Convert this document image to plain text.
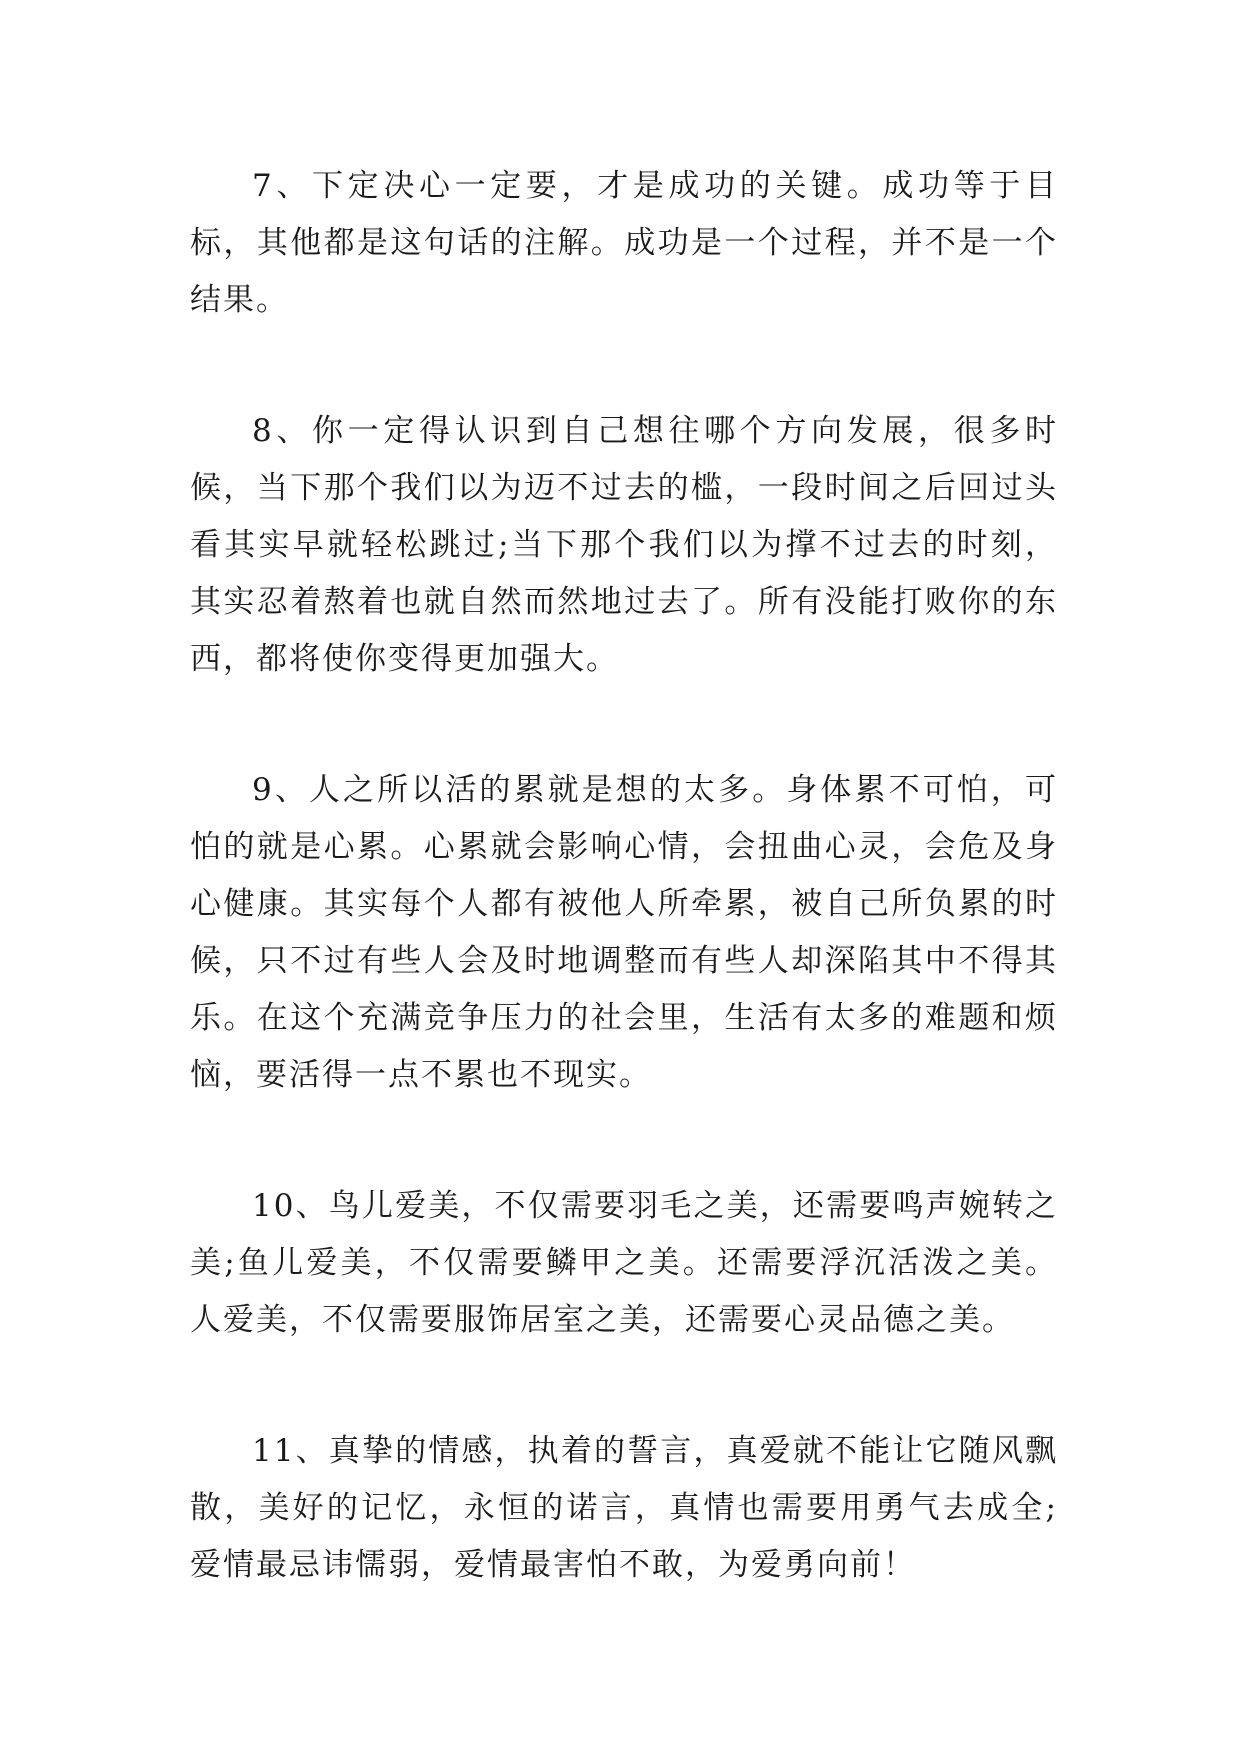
7、下定决心一定要，才是成功的关键。成功等于目标，其他都是这句话的注解。成功是一个过程，并不是一个结果。

8、你一定得认识到自己想往哪个方向发展，很多时候，当下那个我们以为迈不过去的槛，一段时间之后回过头看其实早就轻松跳过;当下那个我们以为撑不过去的时刻，其实忍着熬着也就自然而然地过去了。所有没能打败你的东西，都将使你变得更加强大。

9、人之所以活的累就是想的太多。身体累不可怕，可怕的就是心累。心累就会影响心情，会扭曲心灵，会危及身心健康。其实每个人都有被他人所牵累，被自己所负累的时候，只不过有些人会及时地调整而有些人却深陷其中不得其乐。在这个充满竞争压力的社会里，生活有太多的难题和烦恼，要活得一点不累也不现实。

10、鸟儿爱美，不仅需要羽毛之美，还需要鸣声婉转之美;鱼儿爱美，不仅需要鳞甲之美。还需要浮沉活泼之美。人爱美，不仅需要服饰居室之美，还需要心灵品德之美。

11、真挚的情感，执着的誓言，真爱就不能让它随风飘散，美好的记忆，永恒的诺言，真情也需要用勇气去成全;爱情最忌讳懦弱，爱情最害怕不敢，为爱勇向前！
